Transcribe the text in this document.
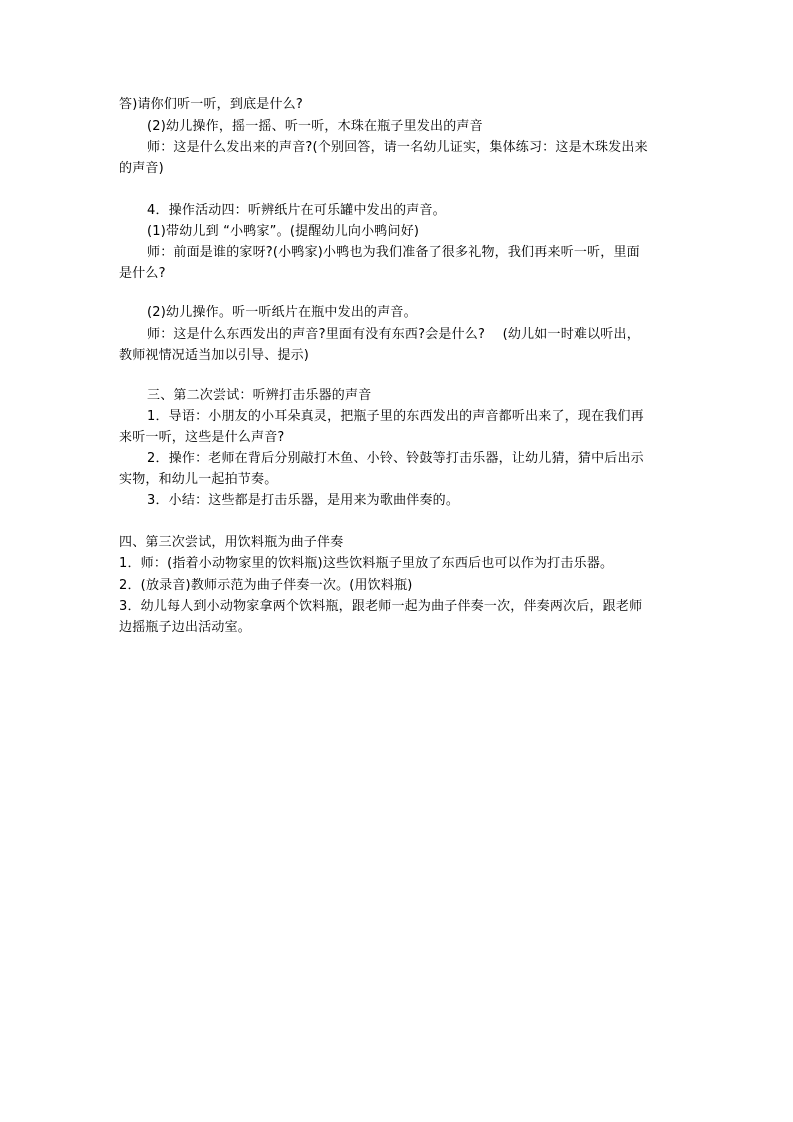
答)请你们听一听，到底是什么?
(2)幼儿操作，摇一摇、听一听，木珠在瓶子里发出的声音
师：这是什么发出来的声音?(个别回答，请一名幼儿证实，集体练习：这是木珠发出来
的声音)
4．操作活动四：听辨纸片在可乐罐中发出的声音。
(1)带幼儿到 “小鸭家”。(提醒幼儿向小鸭问好)
师：前面是谁的家呀?(小鸭家)小鸭也为我们准备了很多礼物，我们再来听一听，里面
是什么?
(2)幼儿操作。听一听纸片在瓶中发出的声音。
师：这是什么东西发出的声音?里面有没有东西?会是什么?　 (幼儿如一时难以听出，
教师视情况适当加以引导、提示)
三、第二次尝试：听辨打击乐器的声音
1．导语：小朋友的小耳朵真灵，把瓶子里的东西发出的声音都听出来了，现在我们再
来听一听，这些是什么声音?
2．操作：老师在背后分别敲打木鱼、小铃、铃鼓等打击乐器，让幼儿猜，猜中后出示
实物，和幼儿一起拍节奏。
3．小结：这些都是打击乐器，是用来为歌曲伴奏的。
四、第三次尝试，用饮料瓶为曲子伴奏
1．师：(指着小动物家里的饮料瓶)这些饮料瓶子里放了东西后也可以作为打击乐器。
2．(放录音)教师示范为曲子伴奏一次。(用饮料瓶)
3．幼儿每人到小动物家拿两个饮料瓶，跟老师一起为曲子伴奏一次，伴奏两次后，跟老师
边摇瓶子边出活动室。
